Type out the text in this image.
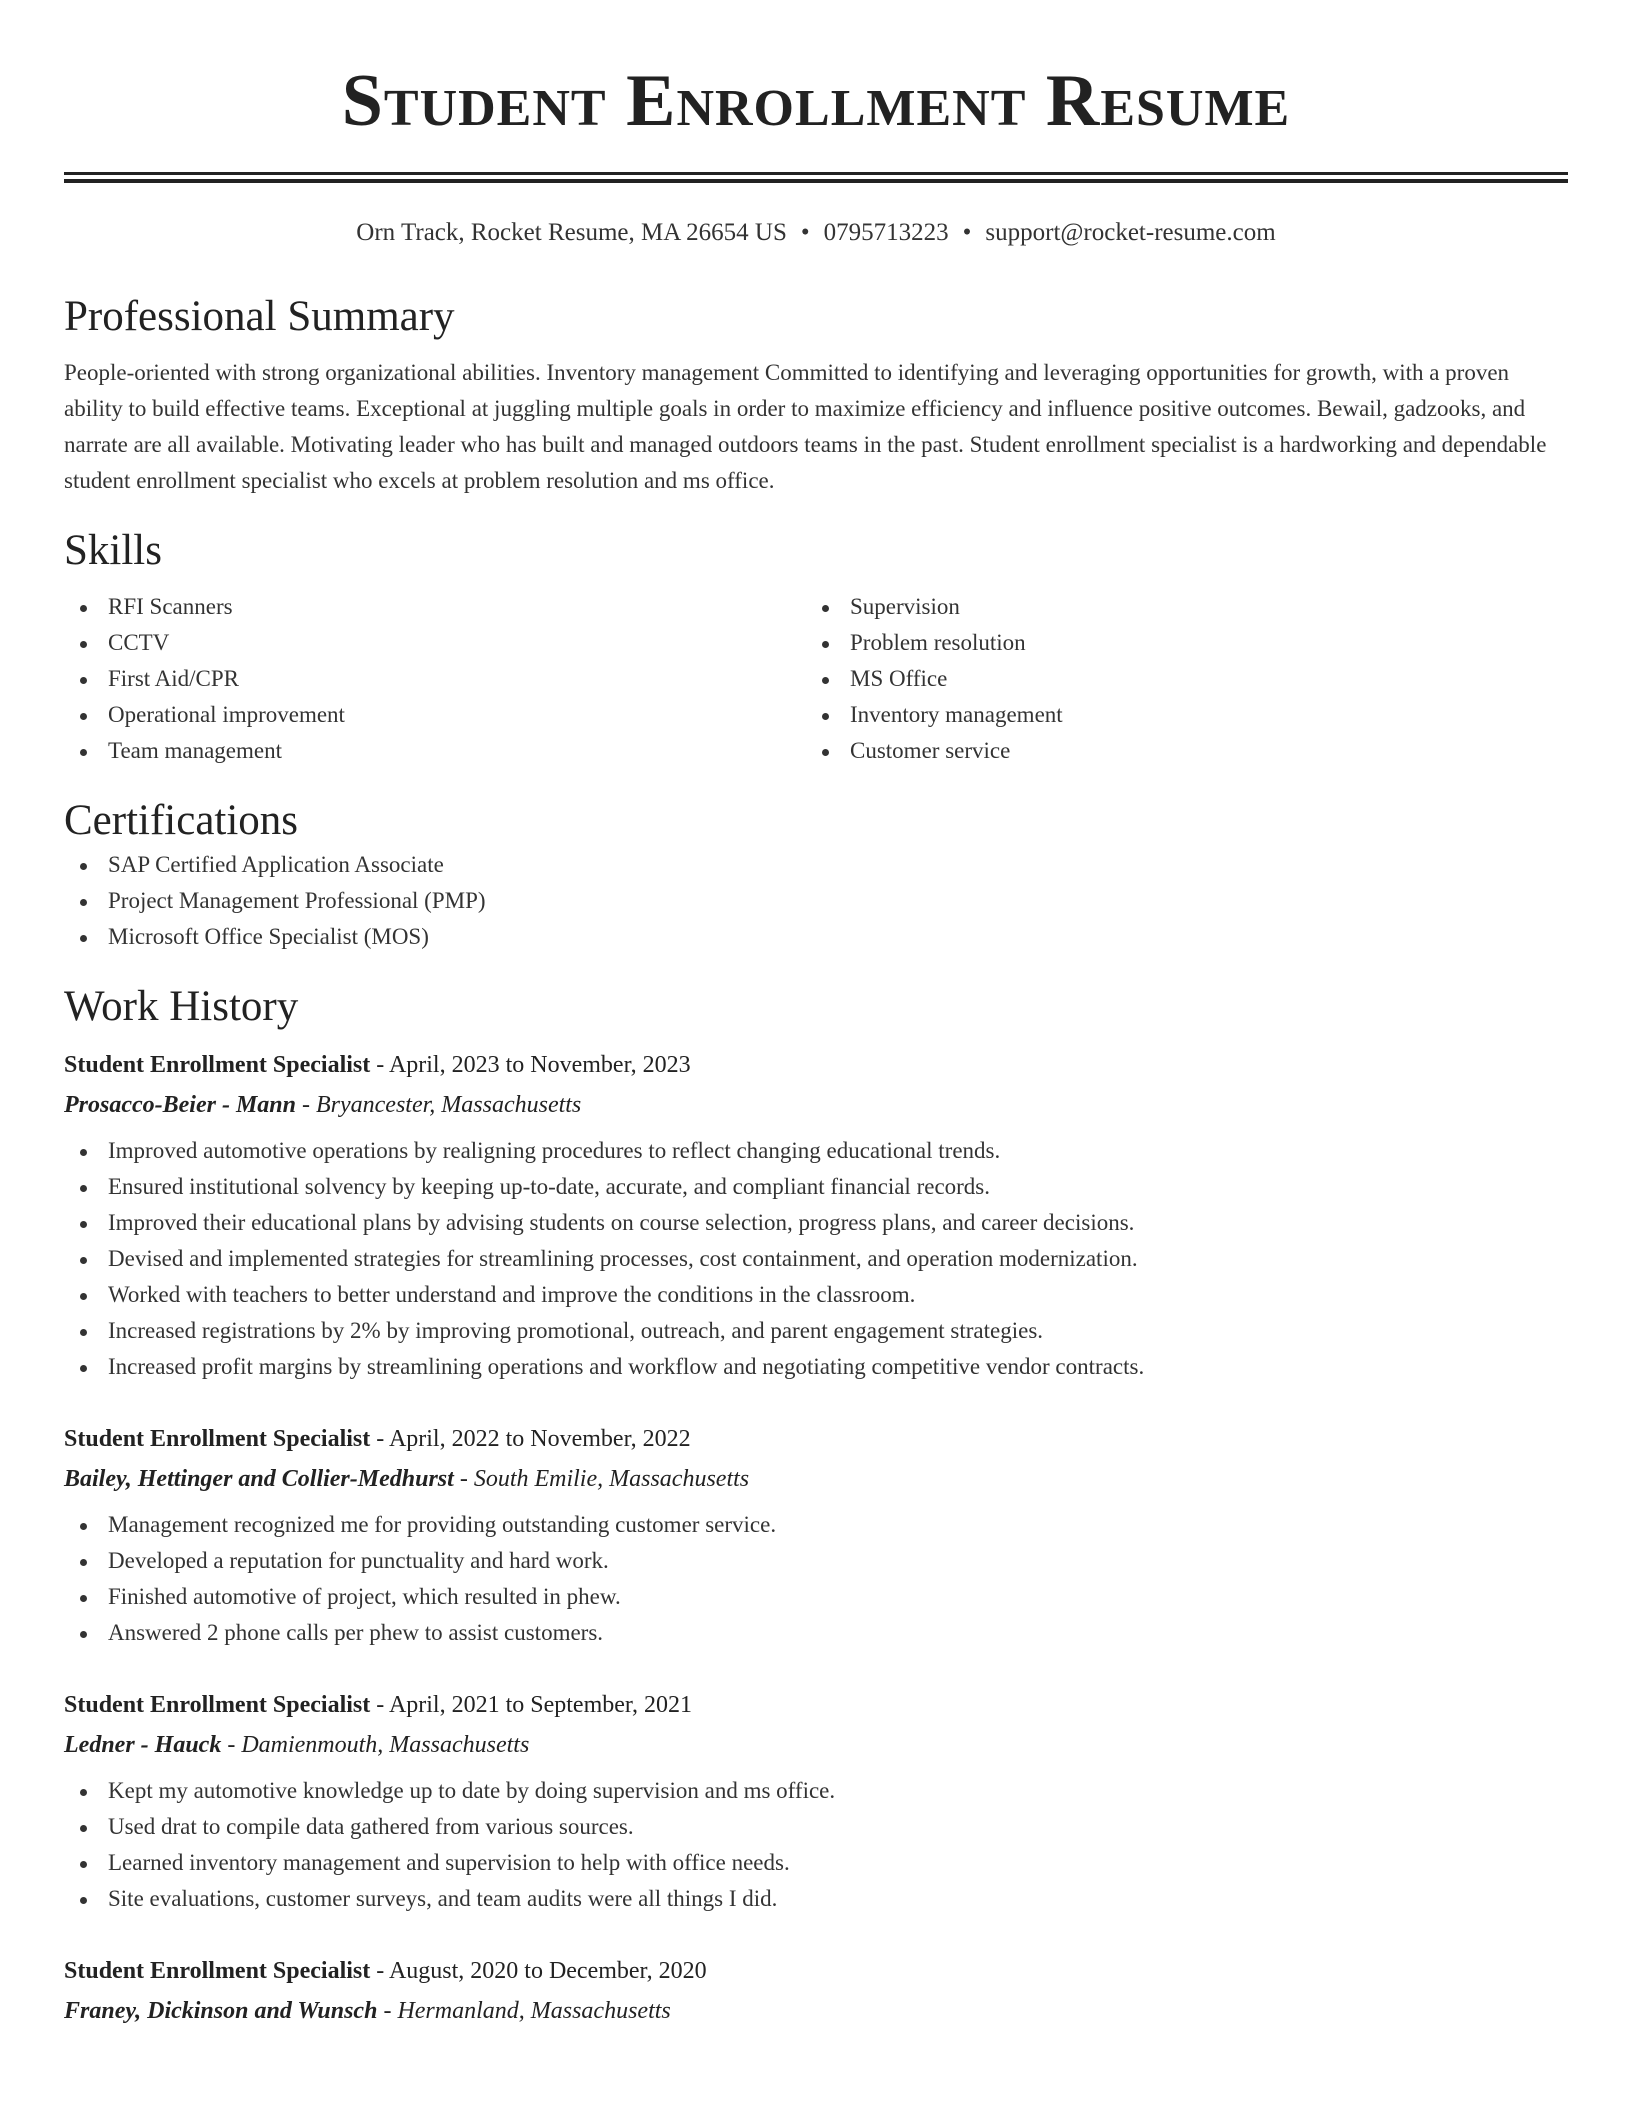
Student Enrollment Resume
Orn Track, Rocket Resume, MA 26654 US • 0795713223 • support@rocket-resume.com
Professional Summary

People-oriented with strong organizational abilities. Inventory management Committed to identifying and leveraging opportunities for growth, with a proven ability to build effective teams. Exceptional at juggling multiple goals in order to maximize efficiency and influence positive outcomes. Bewail, gadzooks, and narrate are all available. Motivating leader who has built and managed outdoors teams in the past. Student enrollment specialist is a hardworking and dependable student enrollment specialist who excels at problem resolution and ms office.

Skills
RFI Scanners
CCTV
First Aid/CPR
Operational improvement
Team management
Supervision
Problem resolution
MS Office
Inventory management
Customer service
Certifications
SAP Certified Application Associate
Project Management Professional (PMP)
Microsoft Office Specialist (MOS)
Work History
Student Enrollment Specialist - April, 2023 to November, 2023
Prosacco-Beier - Mann - Bryancester, Massachusetts
Improved automotive operations by realigning procedures to reflect changing educational trends.
Ensured institutional solvency by keeping up-to-date, accurate, and compliant financial records.
Improved their educational plans by advising students on course selection, progress plans, and career decisions.
Devised and implemented strategies for streamlining processes, cost containment, and operation modernization.
Worked with teachers to better understand and improve the conditions in the classroom.
Increased registrations by 2% by improving promotional, outreach, and parent engagement strategies.
Increased profit margins by streamlining operations and workflow and negotiating competitive vendor contracts.
Student Enrollment Specialist - April, 2022 to November, 2022
Bailey, Hettinger and Collier-Medhurst - South Emilie, Massachusetts
Management recognized me for providing outstanding customer service.
Developed a reputation for punctuality and hard work.
Finished automotive of project, which resulted in phew.
Answered 2 phone calls per phew to assist customers.
Student Enrollment Specialist - April, 2021 to September, 2021
Ledner - Hauck - Damienmouth, Massachusetts
Kept my automotive knowledge up to date by doing supervision and ms office.
Used drat to compile data gathered from various sources.
Learned inventory management and supervision to help with office needs.
Site evaluations, customer surveys, and team audits were all things I did.
Student Enrollment Specialist - August, 2020 to December, 2020
Franey, Dickinson and Wunsch - Hermanland, Massachusetts
